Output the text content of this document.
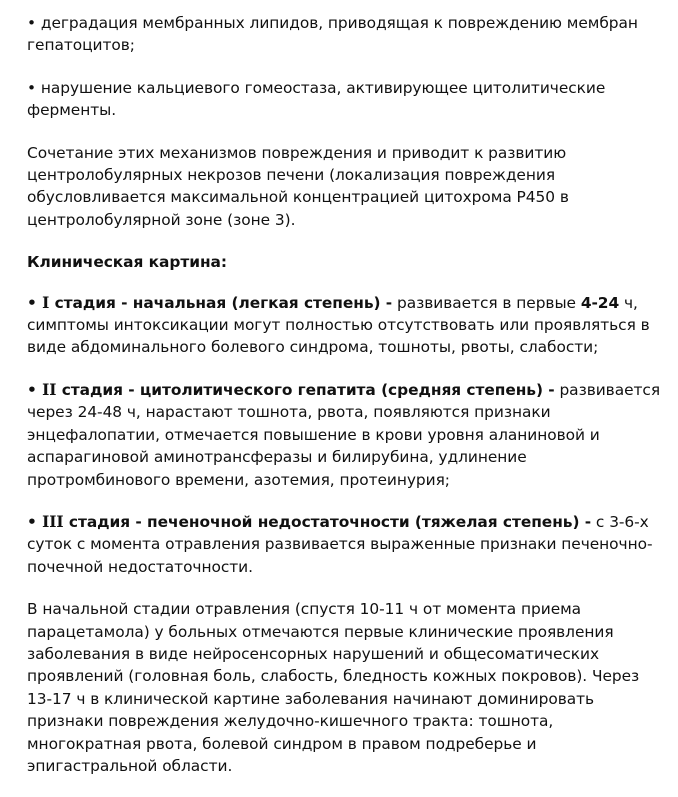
• деградация мембранных липидов, приводящая к повреждению мембран гепатоцитов;

• нарушение кальциевого гомеостаза, активирующее цитолитические ферменты.

Сочетание этих механизмов повреждения и приводит к развитию центролобулярных некрозов печени (локализация повреждения обусловливается максимальной концентрацией цитохрома Р450 в центролобулярной зоне (зоне 3).

Клиническая картина:

• I стадия - начальная (легкая степень) - развивается в первые 4-24 ч, симптомы интоксикации могут полностью отсутствовать или проявляться в виде абдоминального болевого синдрома, тошноты, рвоты, слабости;

• II стадия - цитолитического гепатита (средняя степень) - развивается через 24-48 ч, нарастают тошнота, рвота, появляются признаки энцефалопатии, отмечается повышение в крови уровня аланиновой и аспарагиновой аминотрансферазы и билирубина, удлинение протромбинового времени, азотемия, протеинурия;

• III стадия - печеночной недостаточности (тяжелая степень) - с 3-6-х суток с момента отравления развивается выраженные признаки печеночно-почечной недостаточности.

В начальной стадии отравления (спустя 10-11 ч от момента приема парацетамола) у больных отмечаются первые клинические проявления заболевания в виде нейросенсорных нарушений и общесоматических проявлений (головная боль, слабость, бледность кожных покровов). Через 13-17 ч в клинической картине заболевания начинают доминировать признаки повреждения желудочно-кишечного тракта: тошнота, многократная рвота, болевой синдром в правом подреберье и эпигастральной области.
